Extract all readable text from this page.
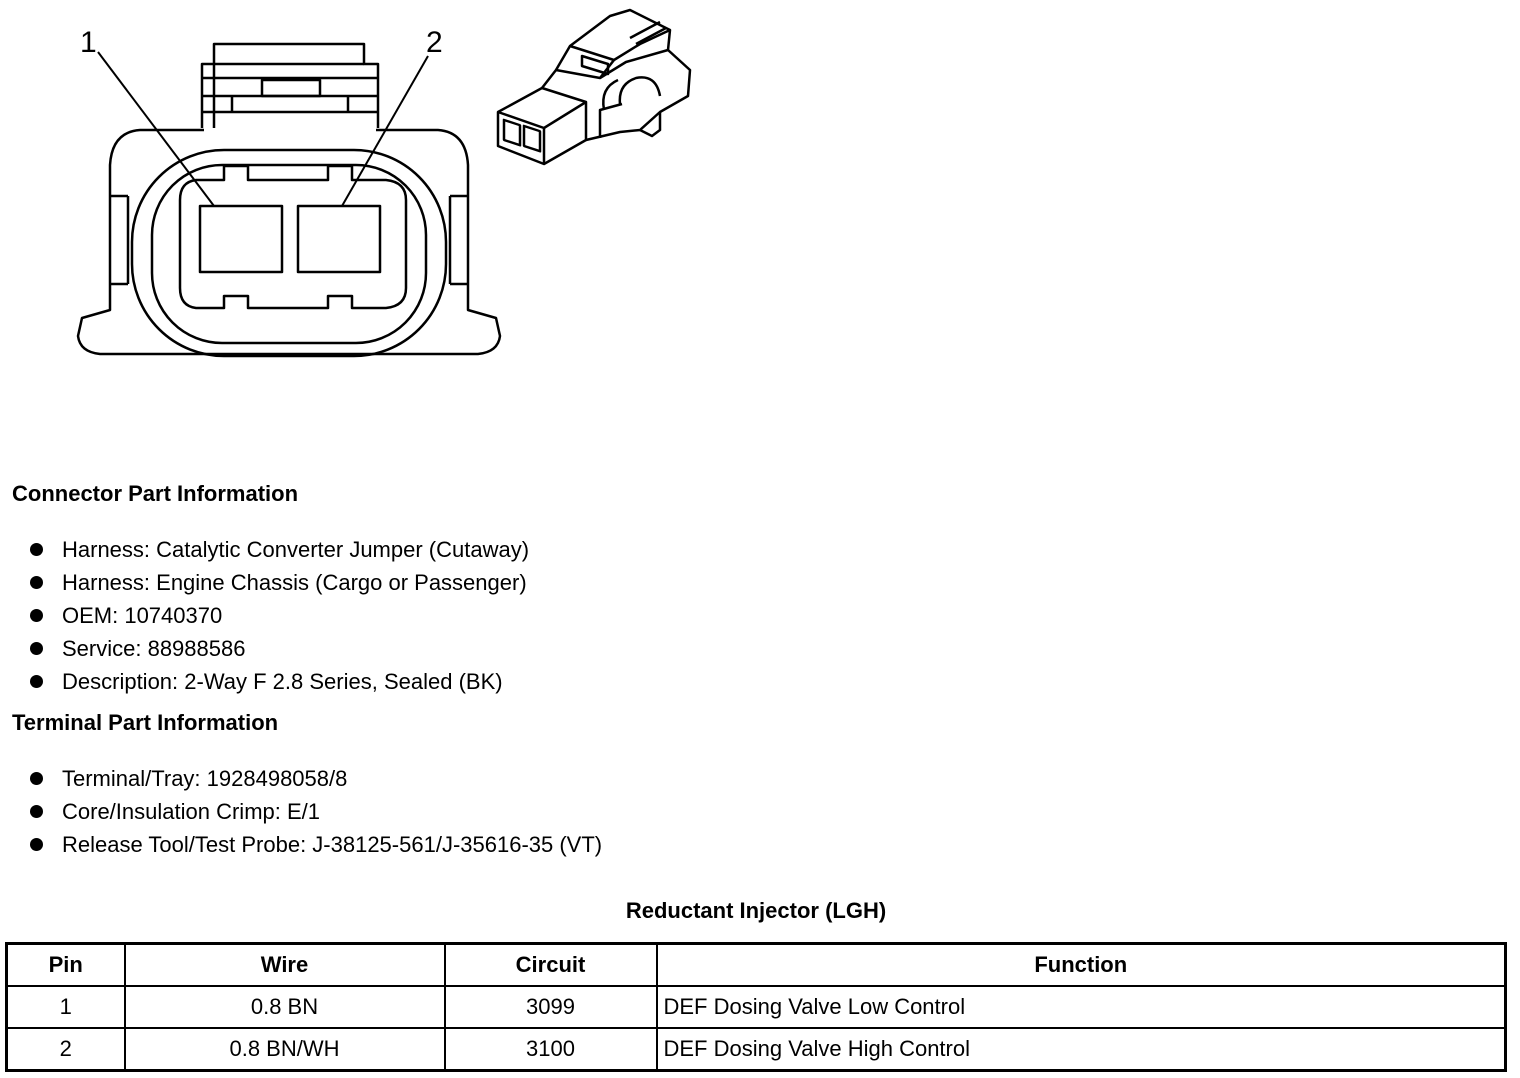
1	2
Connector Part Information
Harness: Catalytic Converter Jumper (Cutaway)
Harness: Engine Chassis (Cargo or Passenger)
OEM: 10740370
Service: 88988586
Description: 2-Way F 2.8 Series, Sealed (BK)
Terminal Part Information
Terminal/Tray: 1928498058/8
Core/Insulation Crimp: E/1
Release Tool/Test Probe: J-38125-561/J-35616-35 (VT)
Reductant Injector (LGH)
Pin	Wire	Circuit	Function
1	0.8 BN	3099	DEF Dosing Valve Low Control
2	0.8 BN/WH	3100	DEF Dosing Valve High Control
